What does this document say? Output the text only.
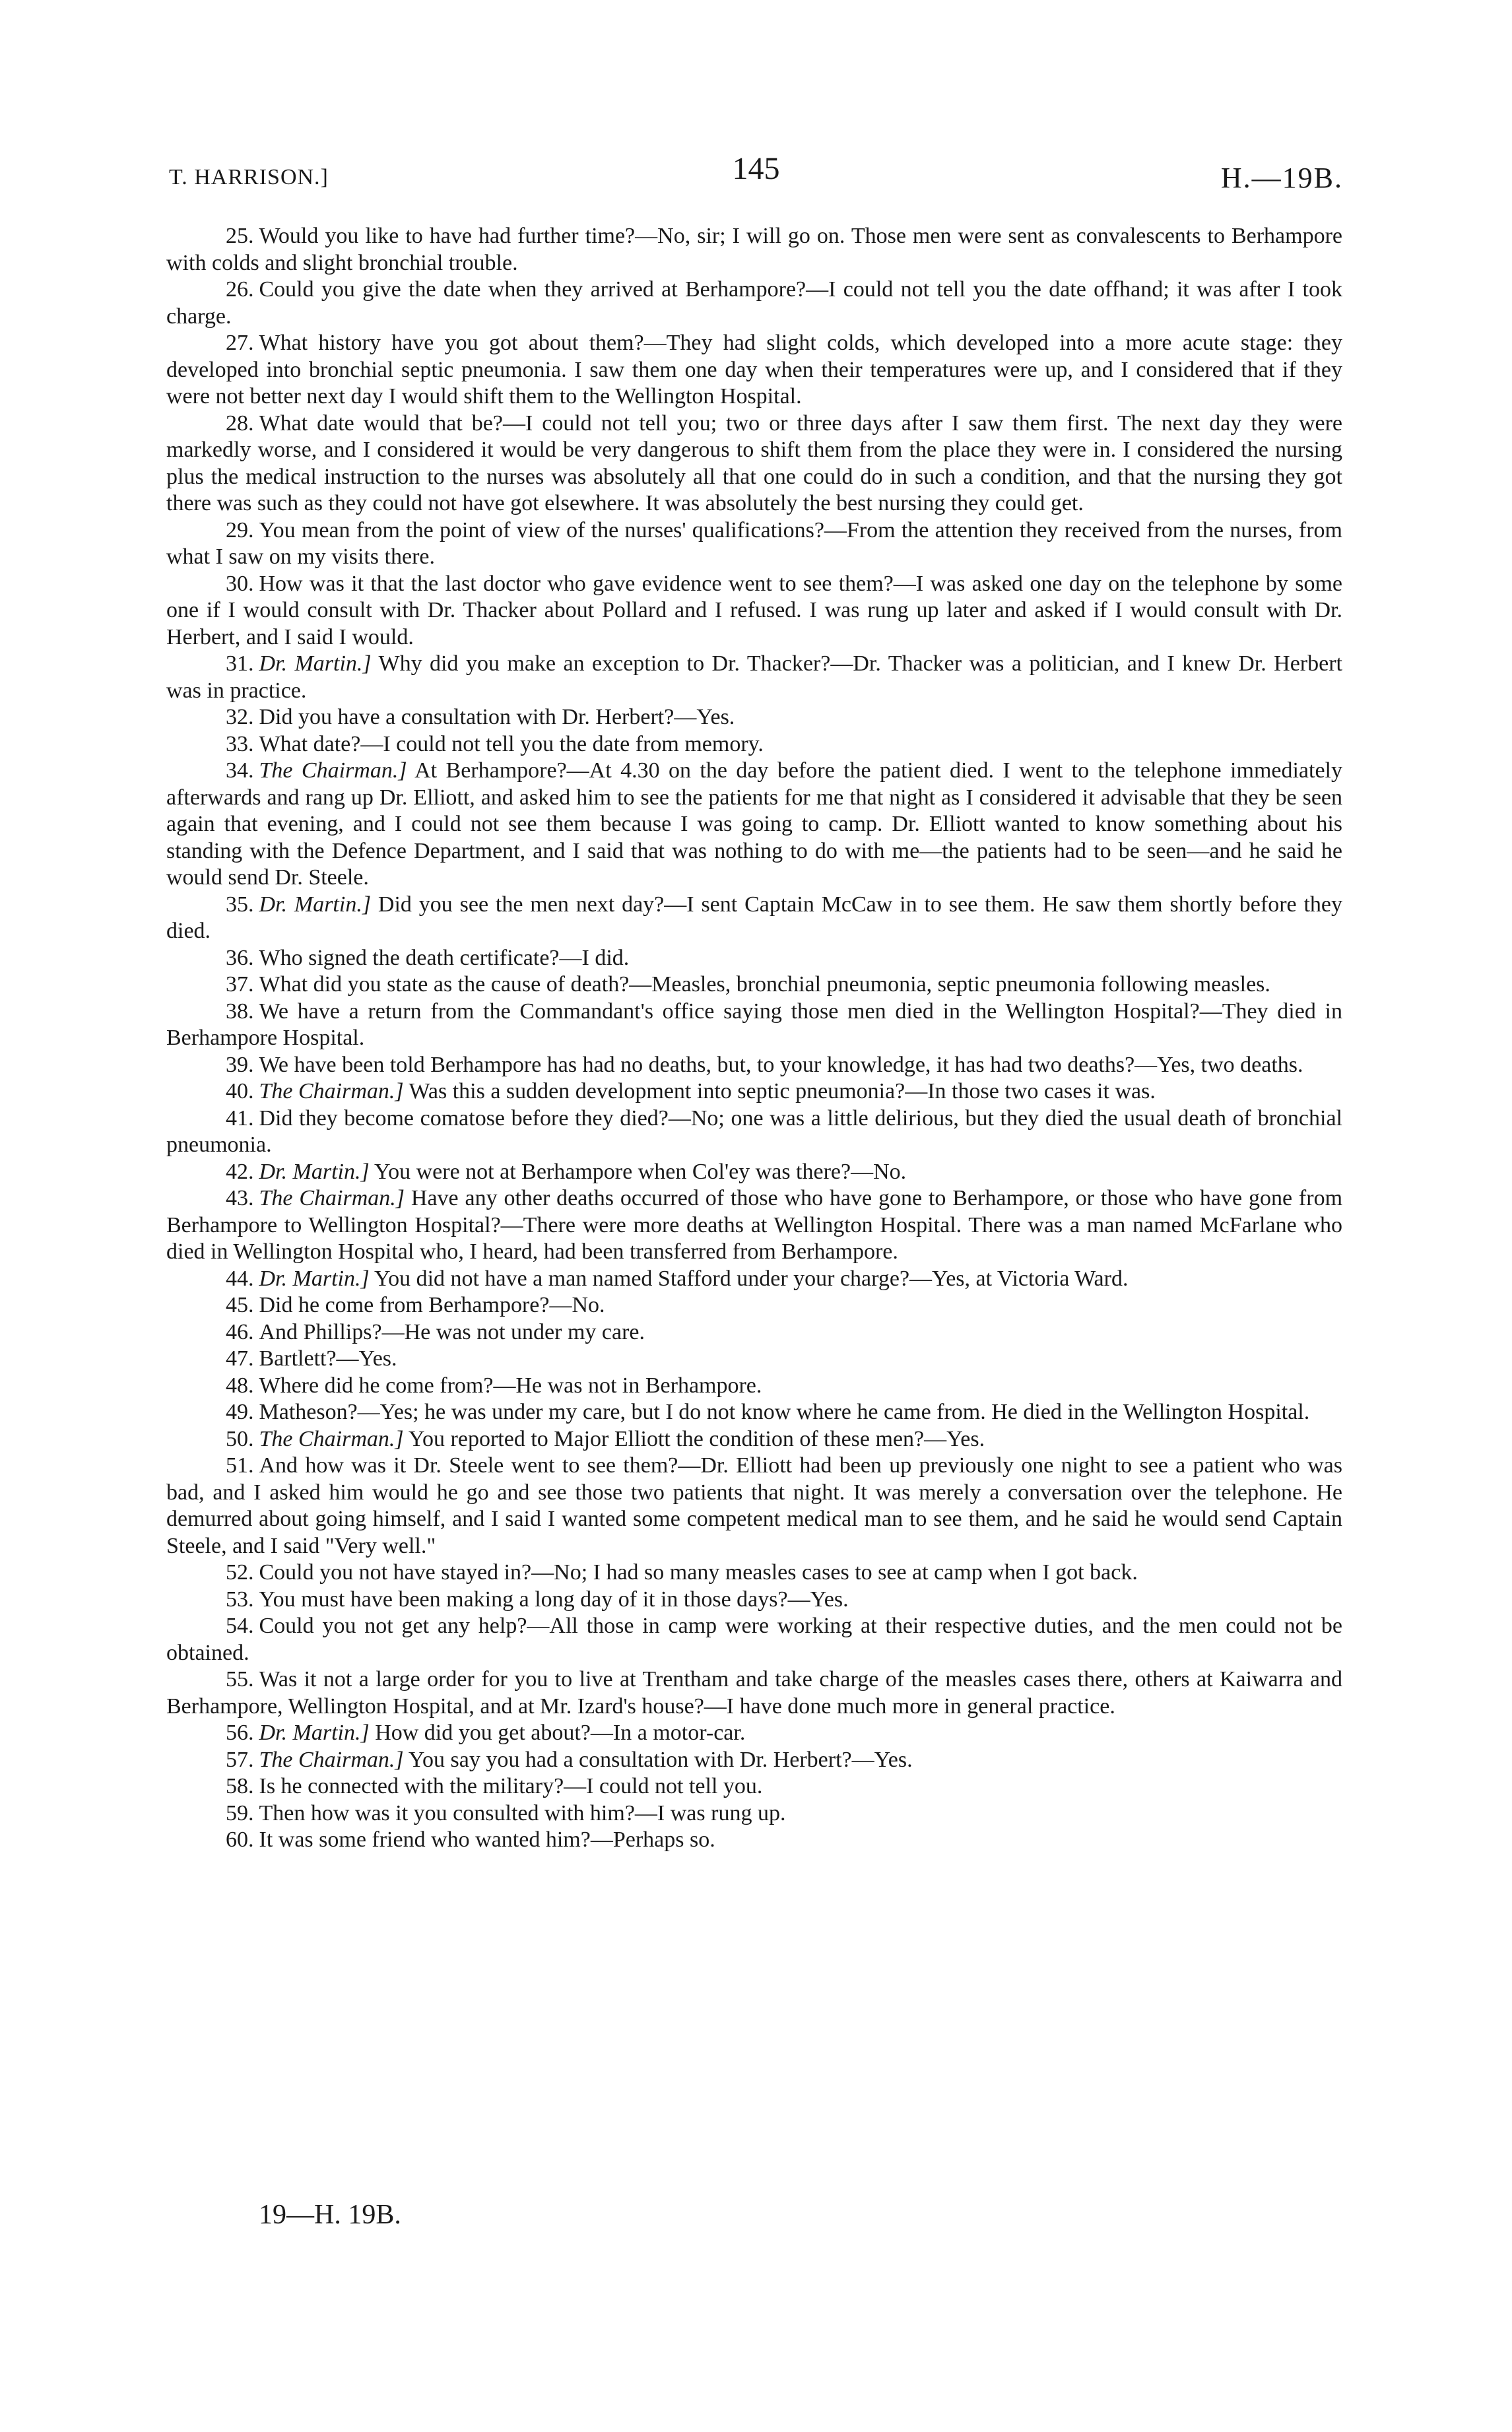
T. HARRISON.]	145	H.—19B.

25. Would you like to have had further time?—No, sir; I will go on. Those men were sent as convalescents to Berhampore with colds and slight bronchial trouble.

26. Could you give the date when they arrived at Berhampore?—I could not tell you the date offhand; it was after I took charge.

27. What history have you got about them?—They had slight colds, which developed into a more acute stage: they developed into bronchial septic pneumonia. I saw them one day when their temperatures were up, and I considered that if they were not better next day I would shift them to the Wellington Hospital.

28. What date would that be?—I could not tell you; two or three days after I saw them first. The next day they were markedly worse, and I considered it would be very dangerous to shift them from the place they were in. I considered the nursing plus the medical instruction to the nurses was absolutely all that one could do in such a condition, and that the nursing they got there was such as they could not have got elsewhere. It was absolutely the best nursing they could get.

29. You mean from the point of view of the nurses' qualifications?—From the attention they received from the nurses, from what I saw on my visits there.

30. How was it that the last doctor who gave evidence went to see them?—I was asked one day on the telephone by some one if I would consult with Dr. Thacker about Pollard and I refused. I was rung up later and asked if I would consult with Dr. Herbert, and I said I would.

31. Dr. Martin.] Why did you make an exception to Dr. Thacker?—Dr. Thacker was a politician, and I knew Dr. Herbert was in practice.

32. Did you have a consultation with Dr. Herbert?—Yes.

33. What date?—I could not tell you the date from memory.

34. The Chairman.] At Berhampore?—At 4.30 on the day before the patient died. I went to the telephone immediately afterwards and rang up Dr. Elliott, and asked him to see the patients for me that night as I considered it advisable that they be seen again that evening, and I could not see them because I was going to camp. Dr. Elliott wanted to know something about his standing with the Defence Department, and I said that was nothing to do with me—the patients had to be seen—and he said he would send Dr. Steele.

35. Dr. Martin.] Did you see the men next day?—I sent Captain McCaw in to see them. He saw them shortly before they died.

36. Who signed the death certificate?—I did.

37. What did you state as the cause of death?—Measles, bronchial pneumonia, septic pneumonia following measles.

38. We have a return from the Commandant's office saying those men died in the Wellington Hospital?—They died in Berhampore Hospital.

39. We have been told Berhampore has had no deaths, but, to your knowledge, it has had two deaths?—Yes, two deaths.

40. The Chairman.] Was this a sudden development into septic pneumonia?—In those two cases it was.

41. Did they become comatose before they died?—No; one was a little delirious, but they died the usual death of bronchial pneumonia.

42. Dr. Martin.] You were not at Berhampore when Col'ey was there?—No.

43. The Chairman.] Have any other deaths occurred of those who have gone to Berhampore, or those who have gone from Berhampore to Wellington Hospital?—There were more deaths at Wellington Hospital. There was a man named McFarlane who died in Wellington Hospital who, I heard, had been transferred from Berhampore.

44. Dr. Martin.] You did not have a man named Stafford under your charge?—Yes, at Victoria Ward.

45. Did he come from Berhampore?—No.

46. And Phillips?—He was not under my care.

47. Bartlett?—Yes.

48. Where did he come from?—He was not in Berhampore.

49. Matheson?—Yes; he was under my care, but I do not know where he came from. He died in the Wellington Hospital.

50. The Chairman.] You reported to Major Elliott the condition of these men?—Yes.

51. And how was it Dr. Steele went to see them?—Dr. Elliott had been up previously one night to see a patient who was bad, and I asked him would he go and see those two patients that night. It was merely a conversation over the telephone. He demurred about going himself, and I said I wanted some competent medical man to see them, and he said he would send Captain Steele, and I said "Very well."

52. Could you not have stayed in?—No; I had so many measles cases to see at camp when I got back.

53. You must have been making a long day of it in those days?—Yes.

54. Could you not get any help?—All those in camp were working at their respective duties, and the men could not be obtained.

55. Was it not a large order for you to live at Trentham and take charge of the measles cases there, others at Kaiwarra and Berhampore, Wellington Hospital, and at Mr. Izard's house?—I have done much more in general practice.

56. Dr. Martin.] How did you get about?—In a motor-car.

57. The Chairman.] You say you had a consultation with Dr. Herbert?—Yes.

58. Is he connected with the military?—I could not tell you.

59. Then how was it you consulted with him?—I was rung up.

60. It was some friend who wanted him?—Perhaps so.

19—H. 19B.
